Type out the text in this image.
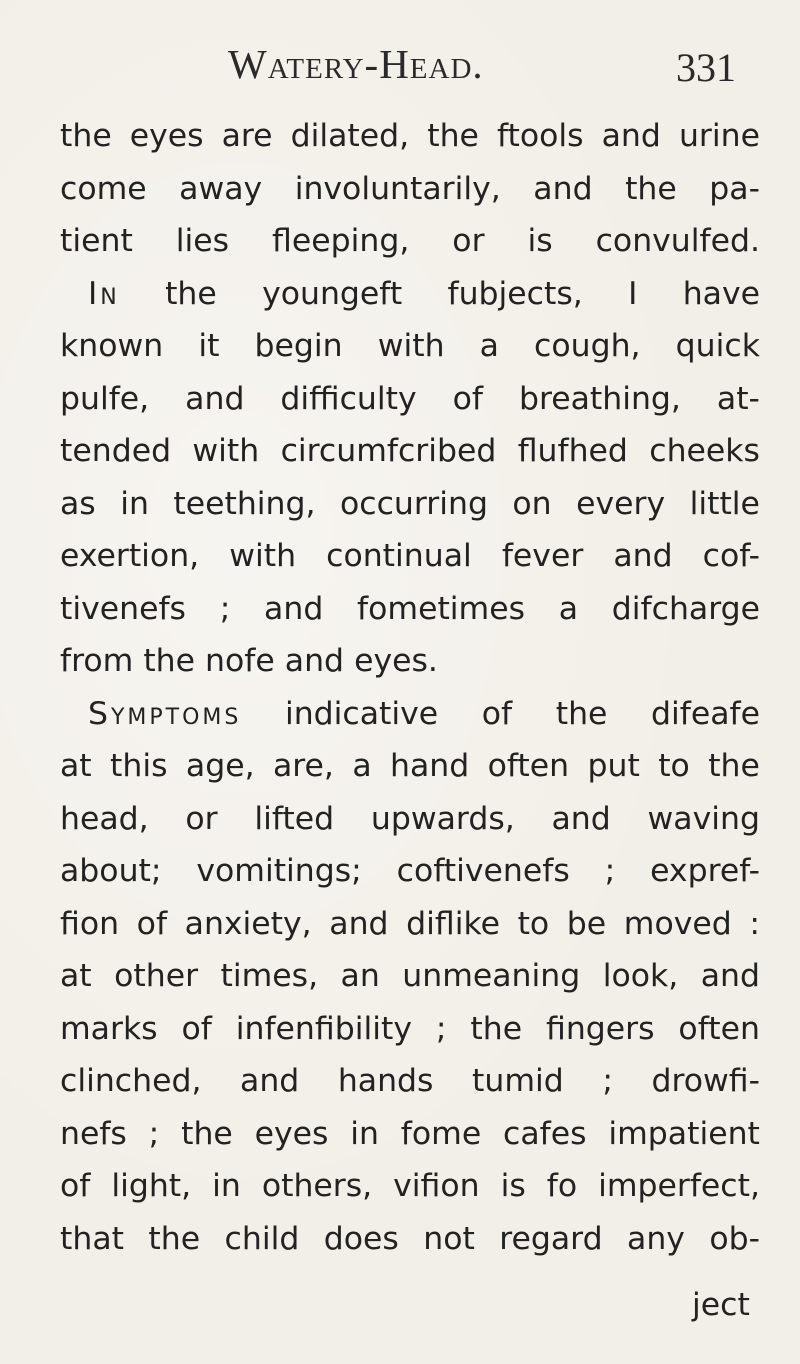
Watery-Head.	331
the eyes are dilated, the ftools and urine
come away involuntarily, and the pa-
tient lies fleeping, or is convulfed.
In the youngeft fubjects, I have
known it begin with a cough, quick
pulfe, and difficulty of breathing, at-
tended with circumfcribed flufhed cheeks
as in teething, occurring on every little
exertion, with continual fever and cof-
tivenefs ; and fometimes a difcharge
from
the
nofe
and
eyes.
Symptoms indicative of the difeafe
at this age, are, a hand often put to the
head, or lifted upwards, and waving
about; vomitings; coftivenefs ; expref-
fion of anxiety, and diflike to be moved :
at other times, an unmeaning look, and
marks of infenfibility ; the fingers often
clinched, and hands tumid ; drowfi-
nefs ; the eyes in fome cafes impatient
of light, in others, vifion is fo imperfect,
that the child does not regard any ob-
ject
